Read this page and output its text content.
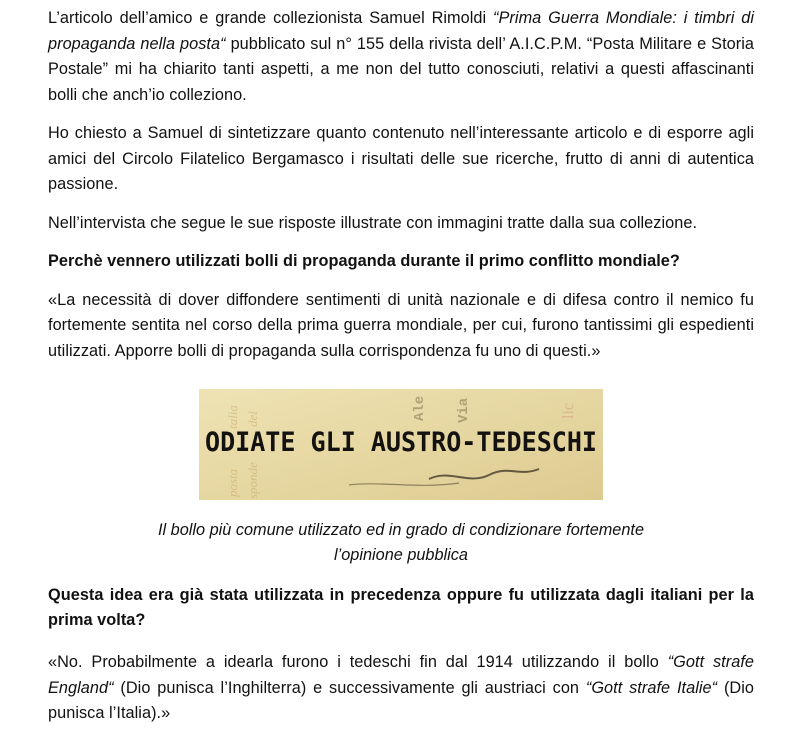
L’articolo dell’amico e grande collezionista Samuel Rimoldi “Prima Guerra Mondiale: i timbri di propaganda nella posta“ pubblicato sul n° 155 della rivista dell’ A.I.C.P.M. “Posta Militare e Storia Postale” mi ha chiarito tanti aspetti, a me non del tutto conosciuti, relativi a questi affascinanti bolli che anch’io colleziono.

Ho chiesto a Samuel di sintetizzare quanto contenuto nell’interessante articolo e di esporre agli amici del Circolo Filatelico Bergamasco i risultati delle sue ricerche, frutto di anni di autentica passione.

Nell’intervista che segue le sue risposte illustrate con immagini tratte dalla sua collezione.

Perchè vennero utilizzati bolli di propaganda durante il primo conflitto mondiale?

«La necessità di dover diffondere sentimenti di unità nazionale e di difesa contro il nemico fu fortemente sentita nel corso della prima guerra mondiale, per cui, furono tantissimi gli espedienti utilizzati. Apporre bolli di propaganda sulla corrispondenza fu uno di questi.»

talia del
posta sponde
Ale Via	lic
ODIATE GLI AUSTRO-TEDESCHI
Il bollo più comune utilizzato ed in grado di condizionare fortemente
l’opinione pubblica

Questa idea era già stata utilizzata in precedenza oppure fu utilizzata dagli italiani per la prima volta?

«No. Probabilmente a idearla furono i tedeschi fin dal 1914 utilizzando il bollo “Gott strafe England“ (Dio punisca l’Inghilterra) e successivamente gli austriaci con “Gott strafe Italie“ (Dio punisca l’Italia).»
